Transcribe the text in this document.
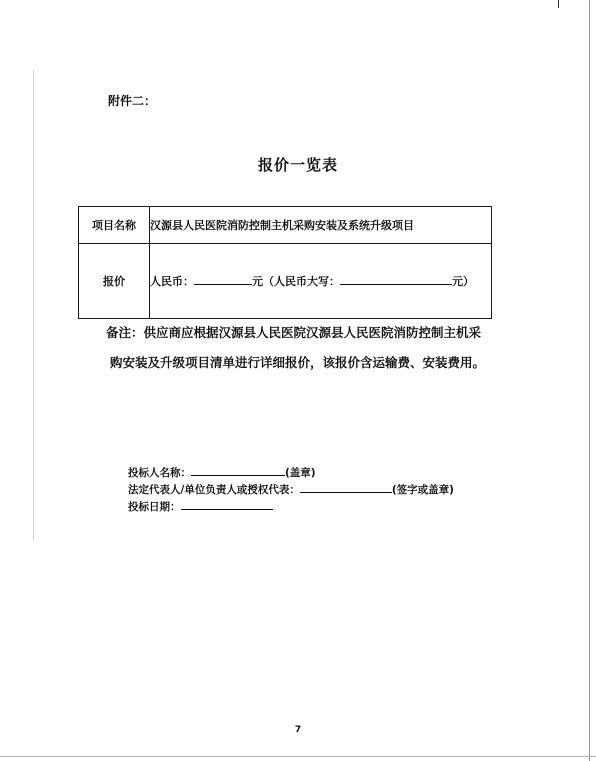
附件二：
报价一览表
项目名称	汉源县人民医院消防控制主机采购安装及系统升级项目
报价	人民币： 元（人民币大写： 元）
备注：供应商应根据汉源县人民医院汉源县人民医院消防控制主机采
购安装及升级项目清单进行详细报价，该报价含运输费、安装费用。
投标人名称：	(盖章)
法定代表人/单位负责人或授权代表：	(签字或盖章)
投标日期：
7
